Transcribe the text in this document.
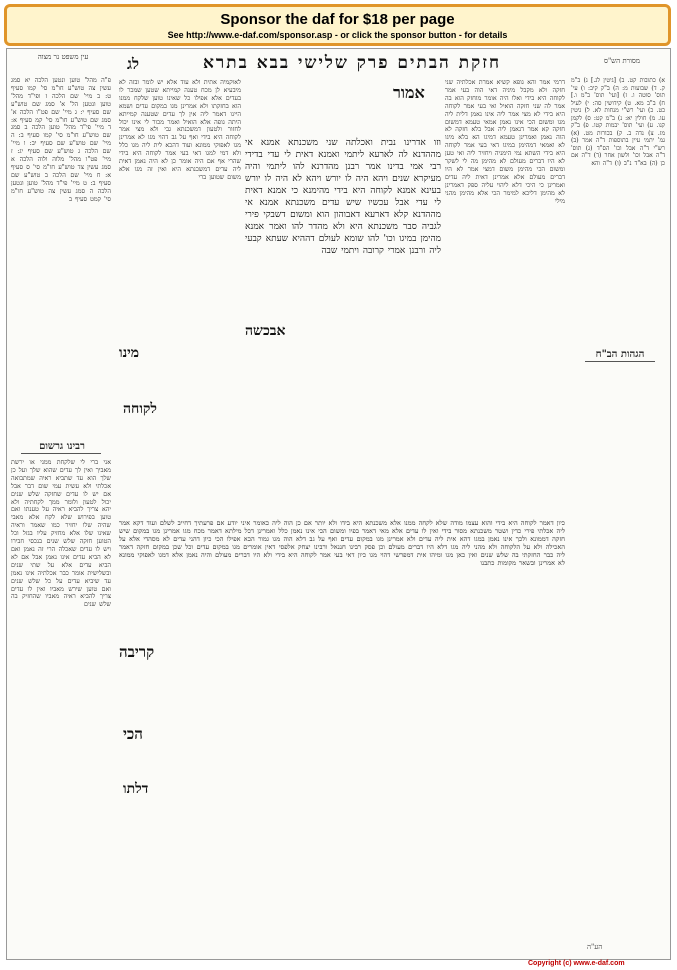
Sponsor the daf for $18 per page
See http://www.e-daf.com/sponsor.asp - or click the sponsor button - for details
עין משפט נר מצוה	לג	חזקת הבתים פרק שלישי בבא בתרא	מסורת הש"ס
פ"ה מהל' טוען ונטען הלכה יא סמג עשין צה טוש"ע חו"מ סי' קמו סעיף ט: ב מיי' שם הלכה ז ופי"ד מהל' טוען ונטען הל' א' סמג שם טוש"ע שם סעיף י: ג מיי' שם פט"ו הלכה א' סמג שם טוש"ע חו"מ סי' קמ סעיף א: ד מיי' פי"ד מהל' טוען הלכה ב סמג שם טוש"ע חו"מ סי' קמו סעיף ב: ה מיי' שם טוש"ע שם סעיף יב: ו מיי' שם הלכה ג טוש"ע שם סעיף יג: ז מיי' פט"ו מהל' מלוה ולוה הלכה א סמג עשין צד טוש"ע חו"מ סי' ס סעיף א: ח מיי' שם הלכה ב טוש"ע שם סעיף ב: ט מיי' פי"ד מהל' טוען ונטען הלכה ה סמג עשין צה טוש"ע חו"מ סי' קמט סעיף ב
רבינו גרשום
אני ברי לי שלקחת ממני או ירשת מאביך ואין לך עדים שהוא שלך ועל כן שלך הוא עד שתביא ראיה שמתבואה אכלתי ולא עשית עמי שום דבר אבל אם יש לו עדים שחזקה שלש שנים יכול לטעון ולומר ממך לקחתיה ולא יהא צריך להביא ראיה על טענתו ואם טוען בפירוש שלא לקח אלא מאבי שהיה שלו יחזיר כמו שאמר וראיה שאינו שלו אלא מחזיק עליו בגזל וכל הטוען חזקה שלש שנים בנכסי חבירו ויש לו עדים שאכלה הרי זה נאמן ואם לא הביא עדים אינו נאמן אבל אם לא הביא עדים אלא על שתי שנים ובשלישית אומר כבר אכלתיה אינו נאמן עד שיביא עדים על כל שלש שנים ואם טוען שירש מאביו ואין לו עדים צריך להביא ראיה מאביו שהחזיק בה שלש שנים
לאוקמיה אתית ולא עוד אלא יש לומר ובזה לא מיבעיא לן מכח טענה קמייתא שטען שמכר לו בעדים אלא אפילו כל שאינו טוען שלקח ממנו הוא בחזקתו ולא אמרינן מגו במקום עדים ושמא היינו דאמר ליה אין לך עדים שטענה קמייתא היתה גופה אלא הואיל ואמר מכור לי אינו יכול לחזור ולטעון דמשכנתא גבי ולא מצי אמר לקוחה היא בידי ואף על גב דהוי מגו לא אמרינן מגו לאפוקי ממונא ועוד דהכא לית ליה מגו כלל ולא דמי למגו דאי בעי אמר לקוחה היא בידי שהרי אף אם היה אומר כן לא היה נאמן דאית ליה עדים דמשכנתא היא ואין זה מגו אלא משום שטוען ברי
וזו אדרינו נבית ואכלתה שני משכנתא אמנא אי מההדנא לה לארעא ליתמי ואמנא דאית לי עדי בדידי רבי אמי בדינו אמר רבנן מהדרנא להו ליתמי והיה מעיקרא שנים ויהא היה לו יורש ויהא לא היה לו יורש בעינא אמנא לקוחה היא בידי מהימנא כי אמנא דאית לי עדי אבל עכשיו שיש עדים משכנתא אמנא אי מההדנא קלא דארעא דאבוהון הוא ומשום דשבקי פירי לגביה סבר משכנתא היא ולא מהדר להו ואמר אמנא מהימן במיגו וכו' להו שומא לעולם דההיא שעתא קבעי ליה ורבנן אמרי קרובה ויתמי שבה
דרמי אמר והא גופא קשיא אמרת אכלתיה שני חזקה ולא מקבל מיניה דאי הוה בעי אמר לקוחה היא בידי ואלו היה אומר מוחזק הוא בה אמר לה שני חזקה הואיל ואי בעי אמר לקוחה היא בידי לא מצי אמר ליה אינו נאמן דלית ליה מגו ומשום הכי אינו נאמן אמאי טעמא דמשום חזקה קא אמר דנאמן ליה אבל בלא חזקה לא הוה נאמן ואמרינן טעמא דמיגו הא בלא מיגו לא ואמאי דמהימן במיגו דאי בעי אמר לקוחה היא בידי השתא נמי הימניה ויחזיר ליה ואי טען לא היו דברים מעולם לא מהימן מה לי לשקר ומשום הכי מהימן משום דמצי אמר לא היו דברים מעולם אלא אמרינן דאית ליה עדים ואמרינן כי היכי דלא ליהוי עליה ספק דאמרינן לא מהימן דליכא למימר הכי אלא מהימן מהני מילי
כיון דאמר לקוחה היא בידי והוא עצמו מודה שלא לקחה ממנו אלא משכנתא היא בידו ולא יותר אם כן הוה ליה כאומר איני יודע אם פרעתיך דחייב לשלם ועוד דקא אמר ליה אכלתי פירי כדין ושטר משכנתא מסור בידי ואין לו עדים אלא מאי דאמר בפיו ומשום הכי אינו נאמן כלל ואמרינן דכל מילתא דאמר מכח מגו אמרינן מגו במקום שיש חזקה דממונא ולכך אינו נאמן במגו דהא אית ליה עדים ולא אמרינן מגו במקום עדים ואף על גב דלא הוה מגו גמור הכא אפילו הכי כיון דהני עדים לא מסהדי אלא על האכילה ולא על הלקוחה ולא מהני ליה מגו דלא היו דברים מעולם וכן פסק רבינו חננאל ורבינו יצחק אלפסי דאין אומרים מגו במקום עדים וכל שכן במקום חזקה דאמר ליה כבר החזקתי בה שלש שנים ואין כאן מגו ומיהו אית דמפרשי דהוי מגו כיון דאי בעי אמר לקוחה היא בידי ולא היו דברים מעולם והיה נאמן אלא דמגו לאפוקי ממונא לא אמרינן ובשאר מקומות כתבנו
הגהות הב"ח
א) כתובות קט. ב) [גיטין לג.] ג) ב"מ ק. ד) שבועות מ: ה) ב"ק קיב: ו) עי' תוס' סוטה ו. ז) [ועי' תוס' ב"מ ו.] ח) ב"ב מא. ט) קידושין סה: י) לעיל כט. כ) ועי' רש"י מנחות לא. ל) גיטין עו. מ) חולין יא: נ) ב"מ קט: ס) לקמן קנו. ע) ועי' תוס' יבמות קטו. פ) ב"ק מז. צ) נדה ב. ק) בכורות מט. (א) גמ' יתמי עיין בתוספות ד"ה אמר (ב) רש"י ד"ה אבל וכו' הס"ד (ג) תוס' ד"ה אבל וכו' ולשון אחר (ד) ד"ה אם כן (ה) בא"ד נ"ב (ו) ד"ה והא
אמור
אבכשה
מינו
לקוחה
קריבה
הכי
דלתו
הע"ה
Copyright (c) www.e-daf.com
